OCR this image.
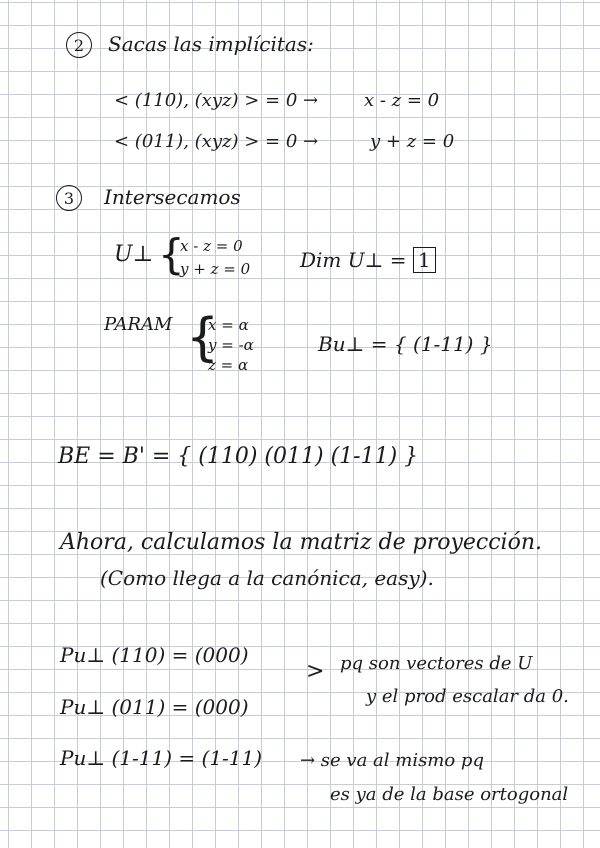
2	Sacas las implícitas:
< (110), (xyz) > = 0 →	x - z = 0
< (011), (xyz) > = 0 →	y + z = 0
3	Intersecamos
U⊥ {
x - z = 0
y + z = 0 Dim U⊥ = 1
PARAM {
x = α
y = -α
z = α
Bu⊥ = { (1-11) }
BE = B' = { (110) (011) (1-11) }
Ahora, calculamos la matriz de proyección.
(Como llega a la canónica, easy).
Pu⊥ (110) = (000)
Pu⊥ (011) = (000)
> pq son vectores de U
y el prod escalar da 0.
Pu⊥ (1-11) = (1-11) → se va al mismo pq
es ya de la base ortogonal
